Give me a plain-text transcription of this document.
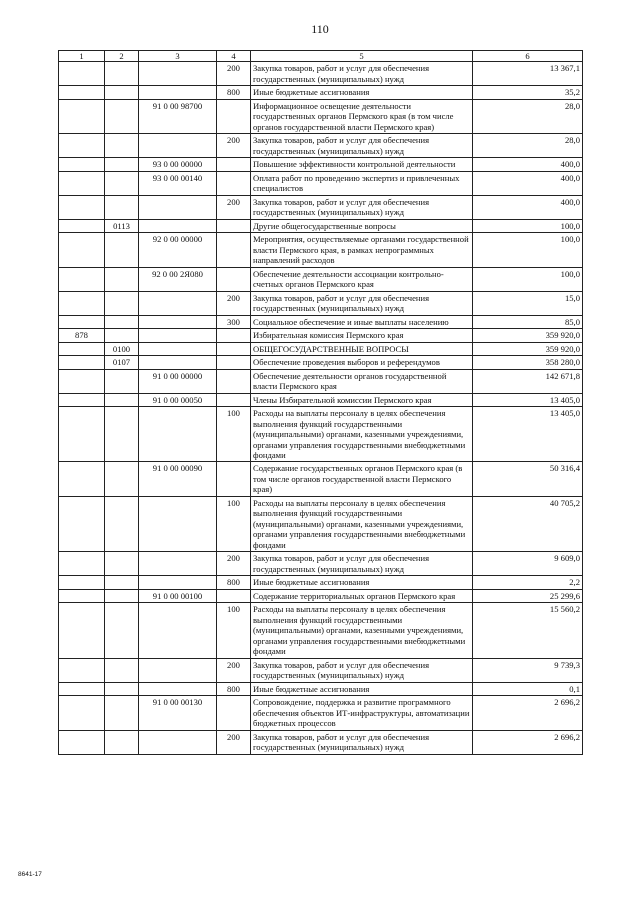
110
1	2	3	4	5	6
			200	Закупка товаров, работ и услуг для обеспечения государственных (муниципальных) нужд	13 367,1
			800	Иные бюджетные ассигнования	35,2
		91 0 00 98700		Информационное освещение деятельности государственных органов Пермского края (в том числе органов государственной власти Пермского края)	28,0
			200	Закупка товаров, работ и услуг для обеспечения государственных (муниципальных) нужд	28,0
		93 0 00 00000		Повышение эффективности контрольной деятельности	400,0
		93 0 00 00140		Оплата работ по проведению экспертиз и привлеченных специалистов	400,0
			200	Закупка товаров, работ и услуг для обеспечения государственных (муниципальных) нужд	400,0
	0113			Другие общегосударственные вопросы	100,0
		92 0 00 00000		Мероприятия, осуществляемые органами государственной власти Пермского края, в рамках непрограммных направлений расходов	100,0
		92 0 00 2Я080		Обеспечение деятельности ассоциации контрольно-счетных органов Пермского края	100,0
			200	Закупка товаров, работ и услуг для обеспечения государственных (муниципальных) нужд	15,0
			300	Социальное обеспечение и иные выплаты населению	85,0
878				Избирательная комиссия Пермского края	359 920,0
	0100			ОБЩЕГОСУДАРСТВЕННЫЕ ВОПРОСЫ	359 920,0
	0107			Обеспечение проведения выборов и референдумов	358 280,0
		91 0 00 00000		Обеспечение деятельности органов государственной власти Пермского края	142 671,8
		91 0 00 00050		Члены Избирательной комиссии Пермского края	13 405,0
			100	Расходы на выплаты персоналу в целях обеспечения выполнения функций государственными (муниципальными) органами, казенными учреждениями, органами управления государственными внебюджетными фондами	13 405,0
		91 0 00 00090		Содержание государственных органов Пермского края (в том числе органов государственной власти Пермского края)	50 316,4
			100	Расходы на выплаты персоналу в целях обеспечения выполнения функций государственными (муниципальными) органами, казенными учреждениями, органами управления государственными внебюджетными фондами	40 705,2
			200	Закупка товаров, работ и услуг для обеспечения государственных (муниципальных) нужд	9 609,0
			800	Иные бюджетные ассигнования	2,2
		91 0 00 00100		Содержание территориальных органов Пермского края	25 299,6
			100	Расходы на выплаты персоналу в целях обеспечения выполнения функций государственными (муниципальными) органами, казенными учреждениями, органами управления государственными внебюджетными фондами	15 560,2
			200	Закупка товаров, работ и услуг для обеспечения государственных (муниципальных) нужд	9 739,3
			800	Иные бюджетные ассигнования	0,1
		91 0 00 00130		Сопровождение, поддержка и развитие программного обеспечения объектов ИТ-инфраструктуры, автоматизации бюджетных процессов	2 696,2
			200	Закупка товаров, работ и услуг для обеспечения государственных (муниципальных) нужд	2 696,2
8641-17
